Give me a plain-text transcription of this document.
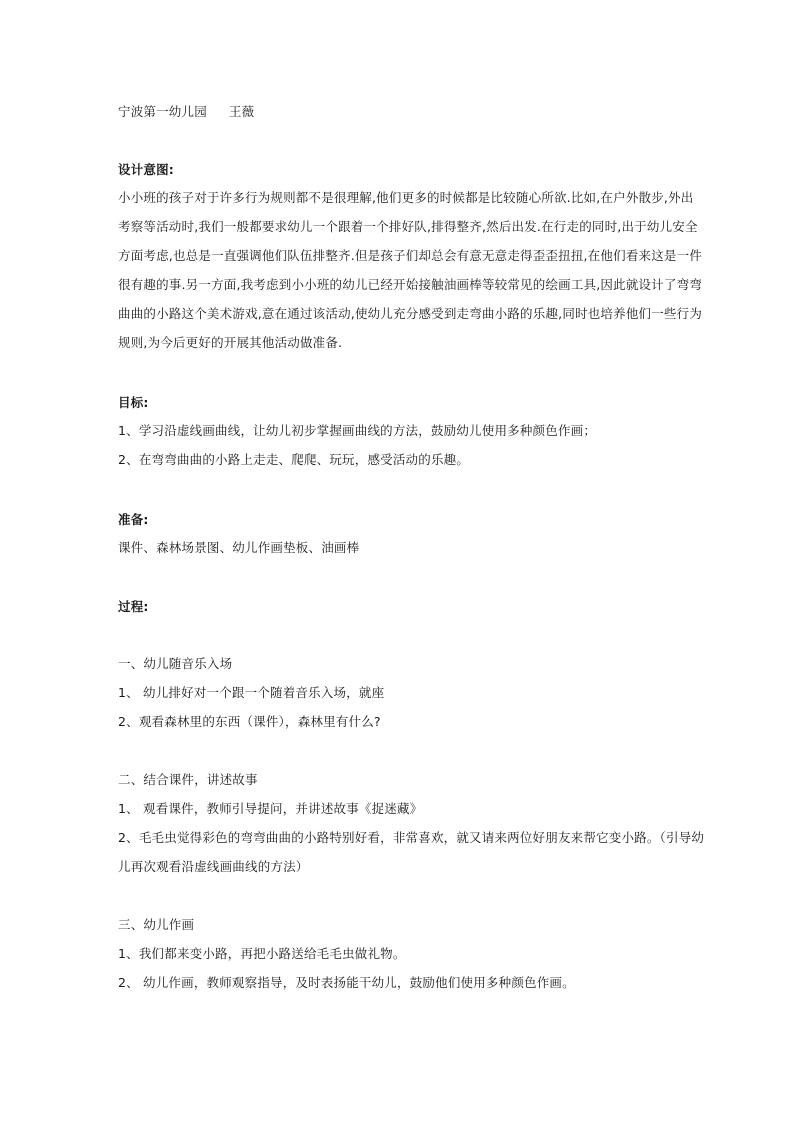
宁波第一幼儿园 王薇
设计意图:
小小班的孩子对于许多行为规则都不是很理解,他们更多的时候都是比较随心所欲.比如,在户外散步,外出
考察等活动时,我们一般都要求幼儿一个跟着一个排好队,排得整齐,然后出发.在行走的同时,出于幼儿安全
方面考虑,也总是一直强调他们队伍排整齐.但是孩子们却总会有意无意走得歪歪扭扭,在他们看来这是一件
很有趣的事.另一方面,我考虑到小小班的幼儿已经开始接触油画棒等较常见的绘画工具,因此就设计了弯弯
曲曲的小路这个美术游戏,意在通过该活动,使幼儿充分感受到走弯曲小路的乐趣,同时也培养他们一些行为
规则,为今后更好的开展其他活动做准备.
目标:
1、学习沿虚线画曲线，让幼儿初步掌握画曲线的方法，鼓励幼儿使用多种颜色作画；
2、在弯弯曲曲的小路上走走、爬爬、玩玩，感受活动的乐趣。
准备:
课件、森林场景图、幼儿作画垫板、油画棒
过程:
一、幼儿随音乐入场
1、 幼儿排好对一个跟一个随着音乐入场，就座
2、观看森林里的东西（课件），森林里有什么?
二、结合课件，讲述故事
1、 观看课件，教师引导提问，并讲述故事《捉迷藏》
2、毛毛虫觉得彩色的弯弯曲曲的小路特别好看，非常喜欢，就又请来两位好朋友来帮它变小路。（引导幼
儿再次观看沿虚线画曲线的方法）
三、幼儿作画
1、我们都来变小路，再把小路送给毛毛虫做礼物。
2、 幼儿作画，教师观察指导，及时表扬能干幼儿，鼓励他们使用多种颜色作画。
